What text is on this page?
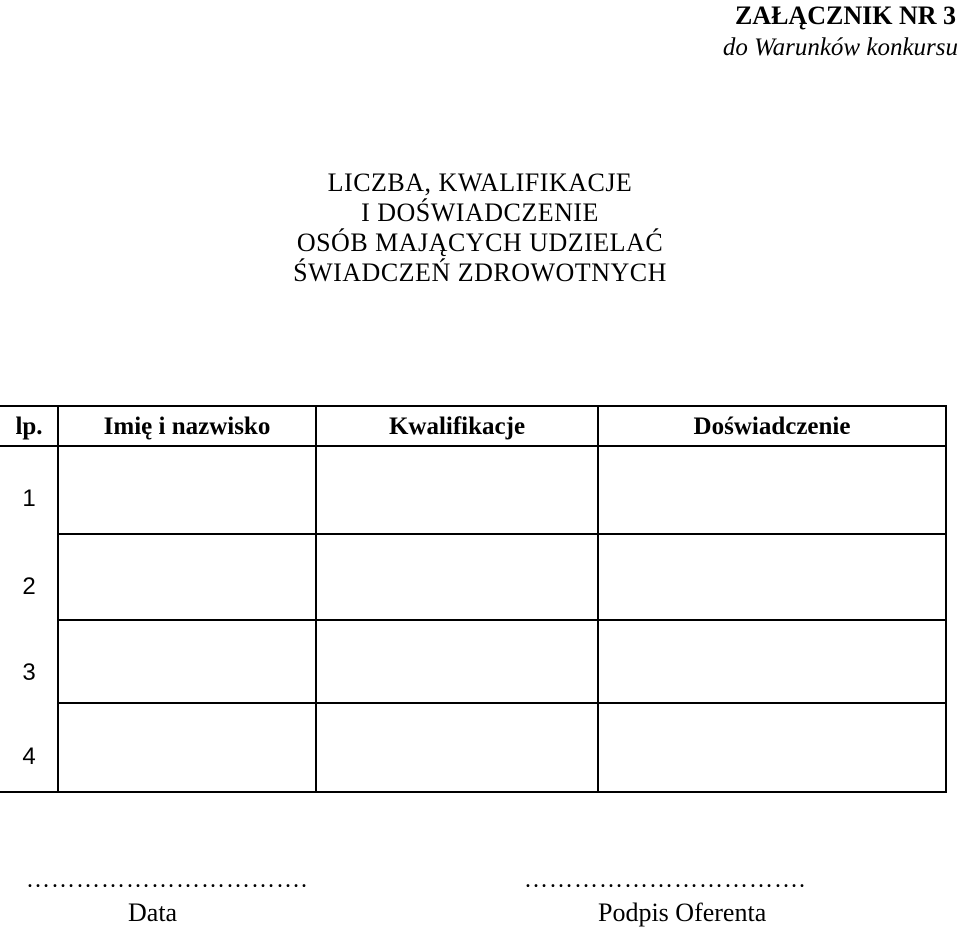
ZAŁĄCZNIK NR 3
do Warunków konkursu
LICZBA, KWALIFIKACJE
I DOŚWIADCZENIE
OSÓB MAJĄCYCH UDZIELAĆ
ŚWIADCZEŃ ZDROWOTNYCH
lp.	Imię i nazwisko	Kwalifikacje	Doświadczenie
1
2
3
4
…………………………….
Data
…………………………….
Podpis Oferenta
